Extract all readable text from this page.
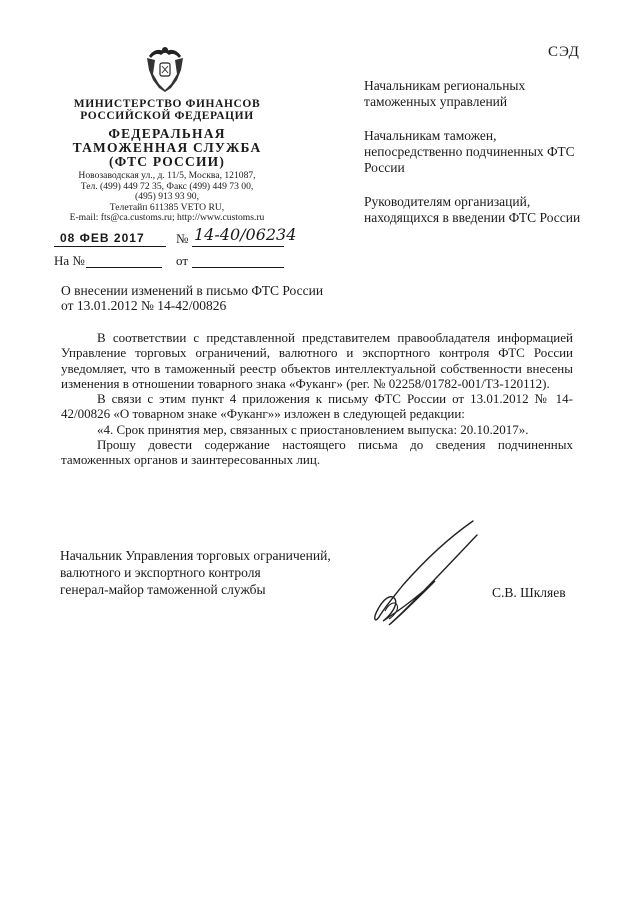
СЭД
МИНИСТЕРСТВО ФИНАНСОВ
РОССИЙСКОЙ ФЕДЕРАЦИИ
ФЕДЕРАЛЬНАЯ
ТАМОЖЕННАЯ СЛУЖБА
(ФТС РОССИИ)
Новозаводская ул., д. 11/5, Москва, 121087,
Тел. (499) 449 72 35, Факс (499) 449 73 00,
(495) 913 93 90,
Телетайп 611385 VETO RU,
E-mail: fts@ca.customs.ru; http://www.customs.ru
08 ФЕВ 2017 № 14-40/06234
На №	от
Начальникам региональных таможенных управлений
Начальникам таможен, непосредственно подчиненных ФТС России
Руководителям организаций, находящихся в введении ФТС России
О внесении изменений в письмо ФТС России
от 13.01.2012 № 14-42/00826

В соответствии с представленной представителем правообладателя информацией Управление торговых ограничений, валютного и экспортного контроля ФТС России уведомляет, что в таможенный реестр объектов интеллектуальной собственности внесены изменения в отношении товарного знака «Фуканг» (рег. № 02258/01782-001/ТЗ-120112).

В связи с этим пункт 4 приложения к письму ФТС России от 13.01.2012 № 14-42/00826 «О товарном знаке «Фуканг»» изложен в следующей редакции:

«4. Срок принятия мер, связанных с приостановлением выпуска: 20.10.2017».

Прошу довести содержание настоящего письма до сведения подчиненных таможенных органов и заинтересованных лиц.

Начальник Управления торговых ограничений,
валютного и экспортного контроля
генерал-майор таможенной службы	С.В. Шкляев
